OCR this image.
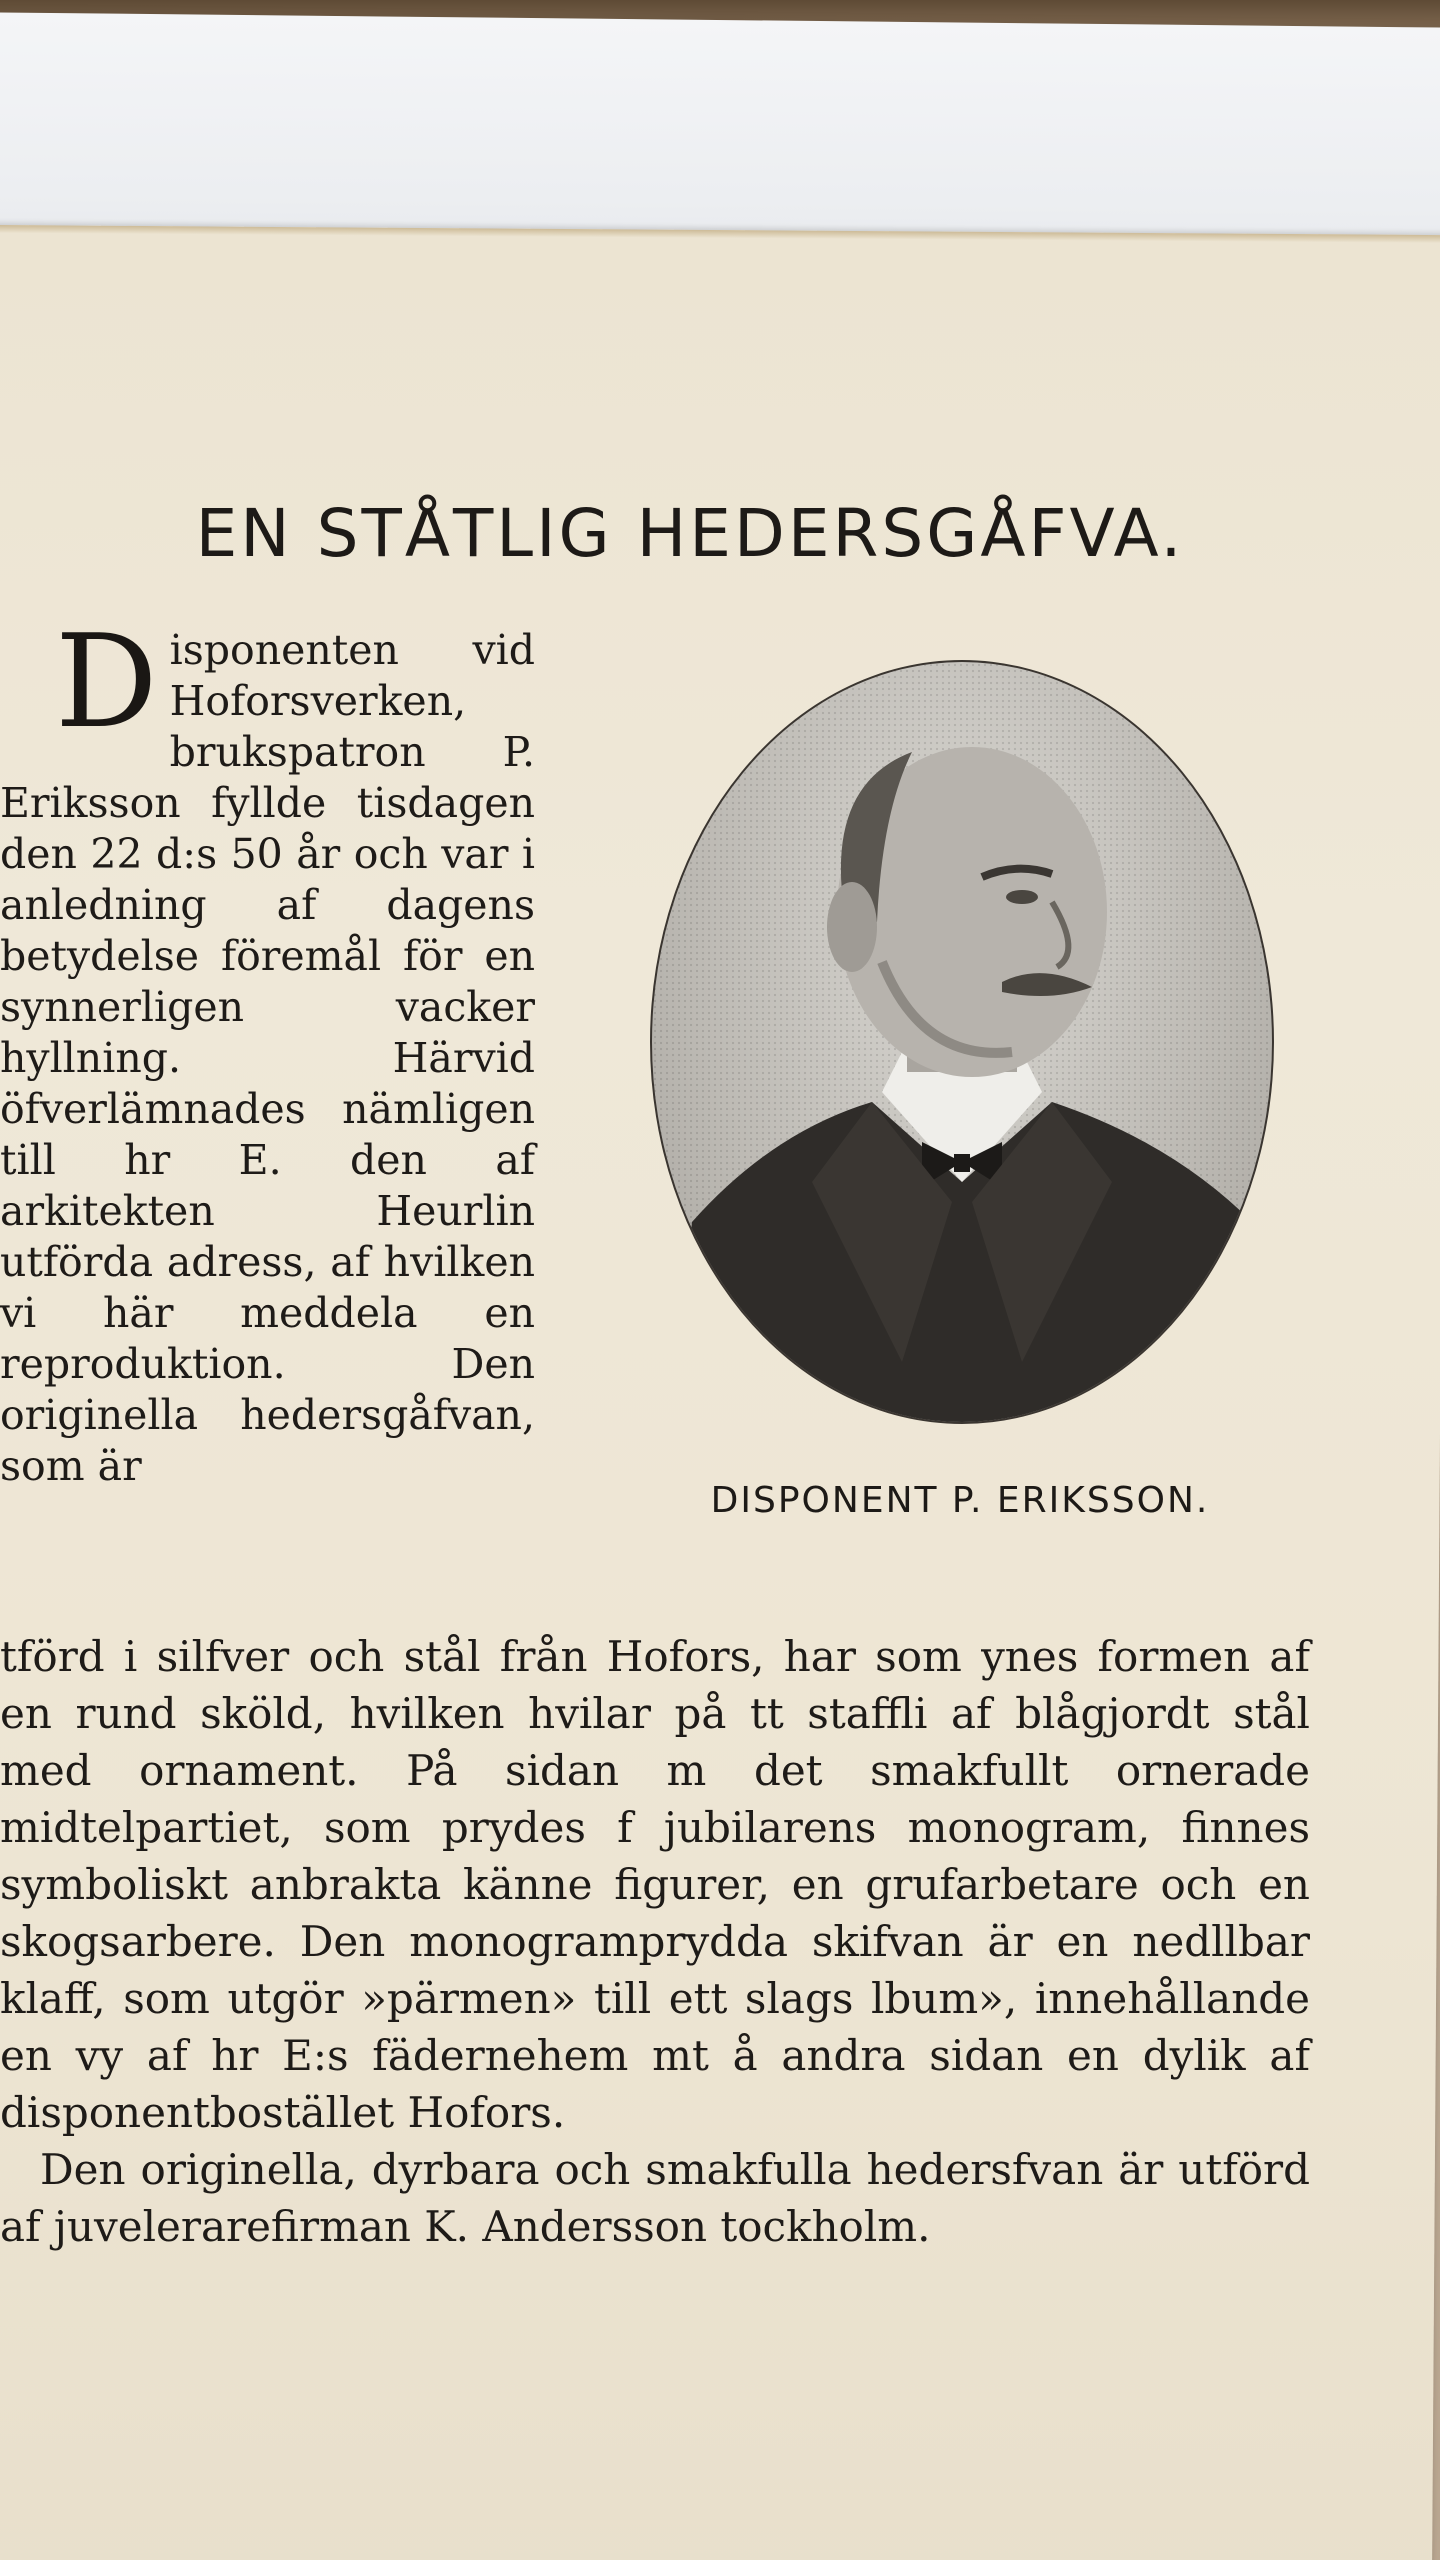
EN STÅTLIG HEDERSGÅFVA.
Disponenten vid Hoforsverken, brukspatron P. Eriksson fyllde tisdagen den 22 d:s 50 år och var i anledning af dagens betydelse föremål för en synnerligen vacker hyllning. Härvid öfverlämnades nämligen till hr E. den af arkitekten Heurlin utförda adress, af hvilken vi här meddela en reproduktion. Den originella hedersgåfvan, som är
DISPONENT P. ERIKSSON.

tförd i silfver och stål från Hofors, har som ynes formen af en rund sköld, hvilken hvilar på tt staffli af blågjordt stål med ornament. På sidan m det smakfullt ornerade midtelpartiet, som prydes f jubilarens monogram, finnes symboliskt anbrakta känne figurer, en grufarbetare och en skogsarbere. Den monogramprydda skifvan är en nedllbar klaff, som utgör »pärmen» till ett slags lbum», innehållande en vy af hr E:s fädernehem mt å andra sidan en dylik af disponentbostället Hofors.

Den originella, dyrbara och smakfulla hedersfvan är utförd af juvelerarefirman K. Andersson tockholm.
